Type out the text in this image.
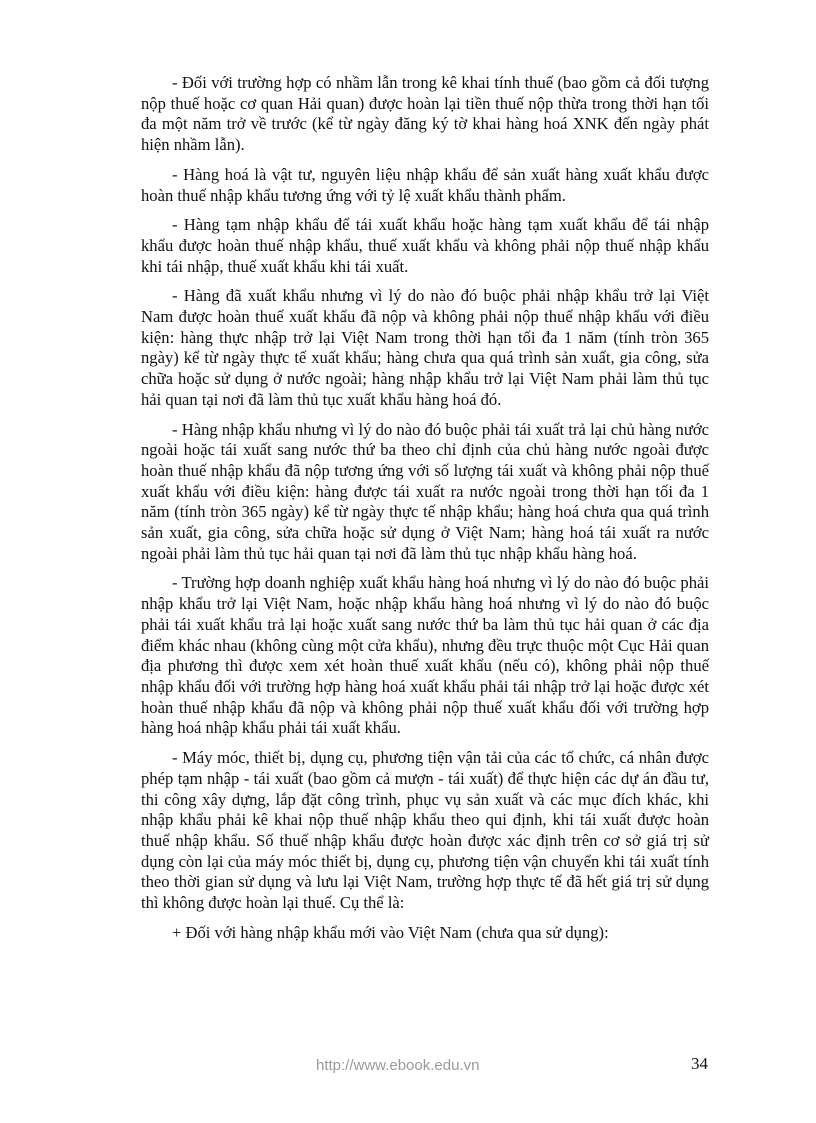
- Đối với trường hợp có nhầm lẫn trong kê khai tính thuế (bao gồm cả đối tượng nộp thuế hoặc cơ quan Hải quan) được hoàn lại tiền thuế nộp thừa trong thời hạn tối đa một năm trở về trước (kể từ ngày đăng ký tờ khai hàng hoá XNK đến ngày phát hiện nhầm lẫn).

- Hàng hoá là vật tư, nguyên liệu nhập khẩu để sản xuất hàng xuất khẩu được hoàn thuế nhập khẩu tương ứng với tỷ lệ xuất khẩu thành phẩm.

- Hàng tạm nhập khẩu để tái xuất khẩu hoặc hàng tạm xuất khẩu để tái nhập khẩu được hoàn thuế nhập khẩu, thuế xuất khẩu và không phải nộp thuế nhập khẩu khi tái nhập, thuế xuất khẩu khi tái xuất.

- Hàng đã xuất khẩu nhưng vì lý do nào đó buộc phải nhập khẩu trở lại Việt Nam được hoàn thuế xuất khẩu đã nộp và không phải nộp thuế nhập khẩu với điều kiện: hàng thực nhập trở lại Việt Nam trong thời hạn tối đa 1 năm (tính tròn 365 ngày) kể từ ngày thực tế xuất khẩu; hàng chưa qua quá trình sản xuất, gia công, sửa chữa hoặc sử dụng ở nước ngoài; hàng nhập khẩu trở lại Việt Nam phải làm thủ tục hải quan tại nơi đã làm thủ tục xuất khẩu hàng hoá đó.

- Hàng nhập khẩu nhưng vì lý do nào đó buộc phải tái xuất trả lại chủ hàng nước ngoài hoặc tái xuất sang nước thứ ba theo chỉ định của chủ hàng nước ngoài được hoàn thuế nhập khẩu đã nộp tương ứng với số lượng tái xuất và không phải nộp thuế xuất khẩu với điều kiện: hàng được tái xuất ra nước ngoài trong thời hạn tối đa 1 năm (tính tròn 365 ngày) kể từ ngày thực tế nhập khẩu; hàng hoá chưa qua quá trình sản xuất, gia công, sửa chữa hoặc sử dụng ở Việt Nam; hàng hoá tái xuất ra nước ngoài phải làm thủ tục hải quan tại nơi đã làm thủ tục nhập khẩu hàng hoá.

- Trường hợp doanh nghiệp xuất khẩu hàng hoá nhưng vì lý do nào đó buộc phải nhập khẩu trở lại Việt Nam, hoặc nhập khẩu hàng hoá nhưng vì lý do nào đó buộc phải tái xuất khẩu trả lại hoặc xuất sang nước thứ ba làm thủ tục hải quan ở các địa điểm khác nhau (không cùng một cửa khẩu), nhưng đều trực thuộc một Cục Hải quan địa phương thì được xem xét hoàn thuế xuất khẩu (nếu có), không phải nộp thuế nhập khẩu đối với trường hợp hàng hoá xuất khẩu phải tái nhập trở lại hoặc được xét hoàn thuế nhập khẩu đã nộp và không phải nộp thuế xuất khẩu đối với trường hợp hàng hoá nhập khẩu phải tái xuất khẩu.

- Máy móc, thiết bị, dụng cụ, phương tiện vận tải của các tổ chức, cá nhân được phép tạm nhập - tái xuất (bao gồm cả mượn - tái xuất) để thực hiện các dự án đầu tư, thi công xây dựng, lắp đặt công trình, phục vụ sản xuất và các mục đích khác, khi nhập khẩu phải kê khai nộp thuế nhập khẩu theo qui định, khi tái xuất được hoàn thuế nhập khẩu. Số thuế nhập khẩu được hoàn được xác định trên cơ sở giá trị sử dụng còn lại của máy móc thiết bị, dụng cụ, phương tiện vận chuyển khi tái xuất tính theo thời gian sử dụng và lưu lại Việt Nam, trường hợp thực tế đã hết giá trị sử dụng thì không được hoàn lại thuế. Cụ thể là:

+ Đối với hàng nhập khẩu mới vào Việt Nam (chưa qua sử dụng):

http://www.ebook.edu.vn	34
